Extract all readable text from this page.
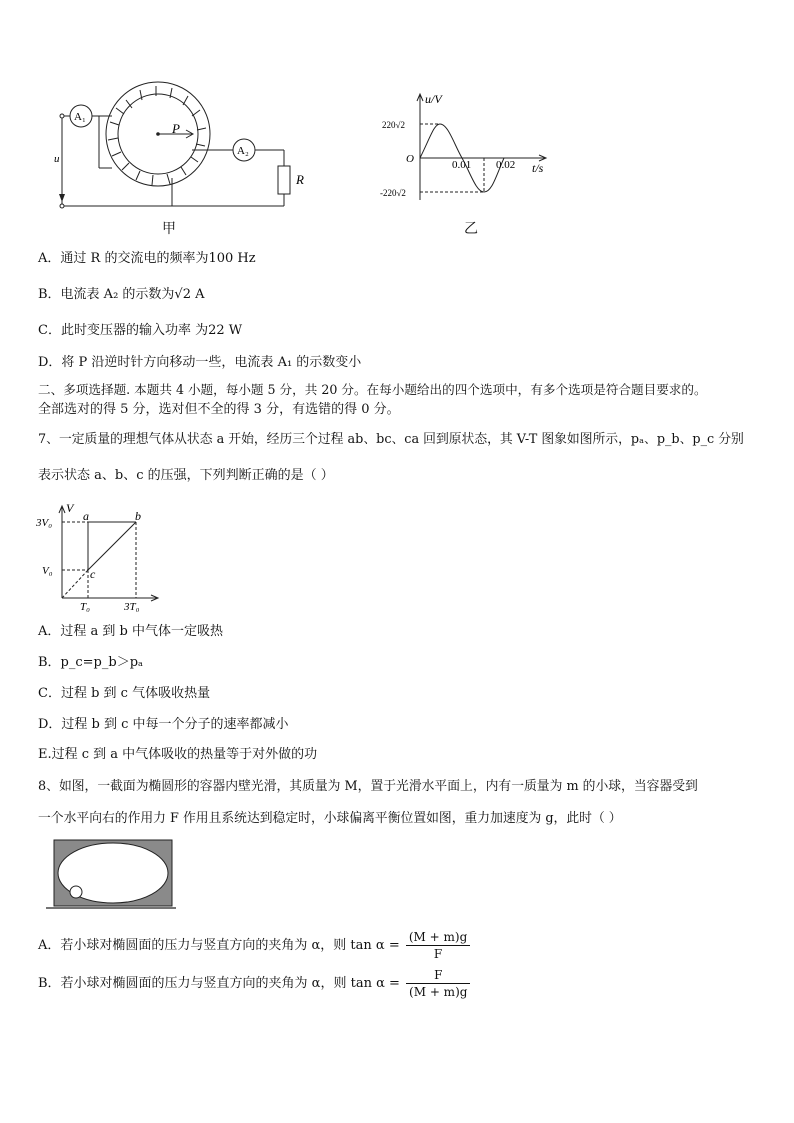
A₁
A₂
P
u
R
甲
u/V
t/s
O	0.01 0.02
220√2
-220√2
乙
A．通过 R 的交流电的频率为100 Hz
B．电流表 A₂ 的示数为√2 A
C．此时变压器的输入功率 为22 W
D．将 P 沿逆时针方向移动一些，电流表 A₁ 的示数变小
二、多项选择题. 本题共 4 小题，每小题 5 分，共 20 分。在每小题给出的四个选项中，有多个选项是符合题目要求的。
全部选对的得 5 分，选对但不全的得 3 分，有选错的得 0 分。
7、一定质量的理想气体从状态 a 开始，经历三个过程 ab、bc、ca 回到原状态，其 V-T 图象如图所示，pₐ、p_b、p_c 分别
表示状态 a、b、c 的压强，下列判断正确的是（ ）
V
3V₀
V₀
T₀	3T₀
a	b
c
A．过程 a 到 b 中气体一定吸热
B．p_c=p_b＞pₐ
C．过程 b 到 c 气体吸收热量
D．过程 b 到 c 中每一个分子的速率都减小
E.过程 c 到 a 中气体吸收的热量等于对外做的功
8、如图，一截面为椭圆形的容器内壁光滑，其质量为 M，置于光滑水平面上，内有一质量为 m 的小球，当容器受到
一个水平向右的作用力 F 作用且系统达到稳定时，小球偏离平衡位置如图，重力加速度为 g，此时（ ）
A．若小球对椭圆面的压力与竖直方向的夹角为 α，则 $\tan \alpha = \frac{(M + m)g}{F}$
B．若小球对椭圆面的压力与竖直方向的夹角为 α，则 $\tan \alpha = \frac{F}{(M + m)g}$
